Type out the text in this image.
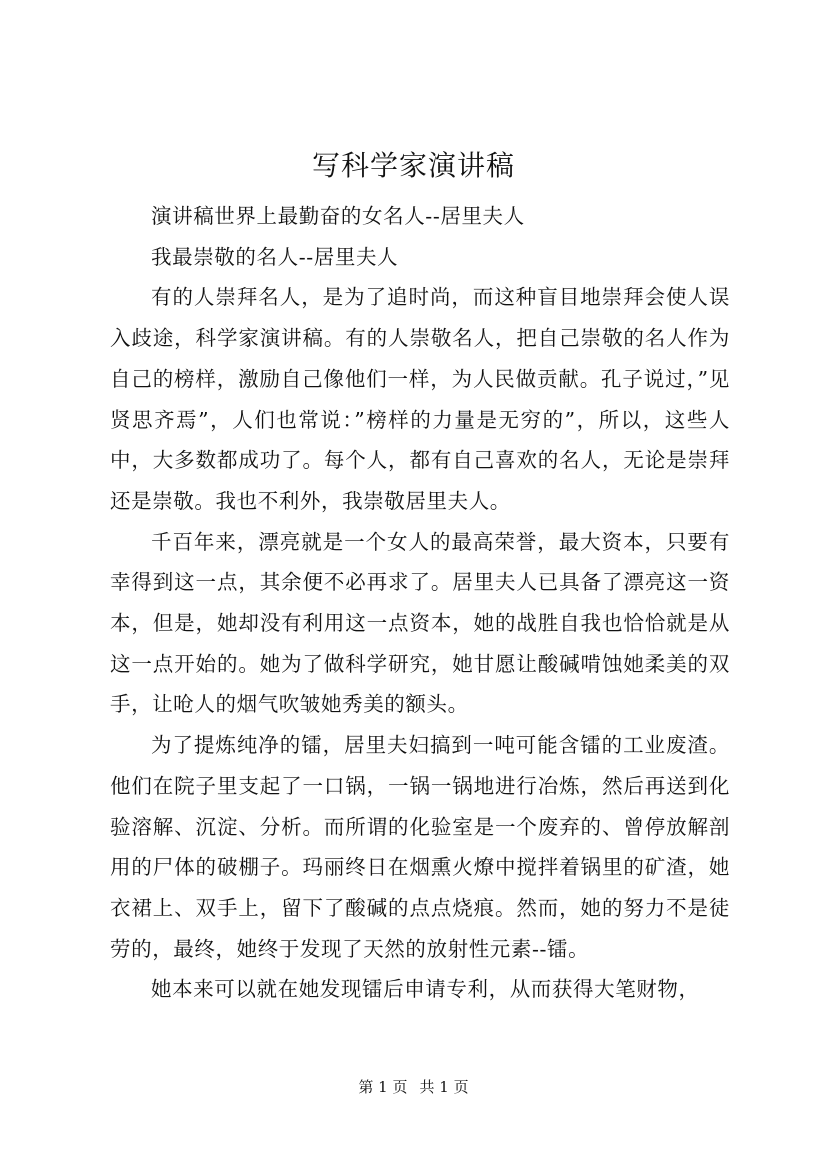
写科学家演讲稿

演讲稿世界上最勤奋的女名人--居里夫人

我最崇敬的名人--居里夫人

有的人崇拜名人，是为了追时尚，而这种盲目地崇拜会使人误入歧途，科学家演讲稿。有的人崇敬名人，把自己崇敬的名人作为自己的榜样，激励自己像他们一样，为人民做贡献。孔子说过，”见贤思齐焉”，人们也常说：”榜样的力量是无穷的”，所以，这些人中，大多数都成功了。每个人，都有自己喜欢的名人，无论是崇拜还是崇敬。我也不利外，我崇敬居里夫人。

千百年来，漂亮就是一个女人的最高荣誉，最大资本，只要有幸得到这一点，其余便不必再求了。居里夫人已具备了漂亮这一资本，但是，她却没有利用这一点资本，她的战胜自我也恰恰就是从这一点开始的。她为了做科学研究，她甘愿让酸碱啃蚀她柔美的双手，让呛人的烟气吹皱她秀美的额头。

为了提炼纯净的镭，居里夫妇搞到一吨可能含镭的工业废渣。他们在院子里支起了一口锅，一锅一锅地进行冶炼，然后再送到化验溶解、沉淀、分析。而所谓的化验室是一个废弃的、曾停放解剖用的尸体的破棚子。玛丽终日在烟熏火燎中搅拌着锅里的矿渣，她衣裙上、双手上，留下了酸碱的点点烧痕。然而，她的努力不是徒劳的，最终，她终于发现了天然的放射性元素--镭。

她本来可以就在她发现镭后申请专利，从而获得大笔财物，

第 1 页 共 1 页
